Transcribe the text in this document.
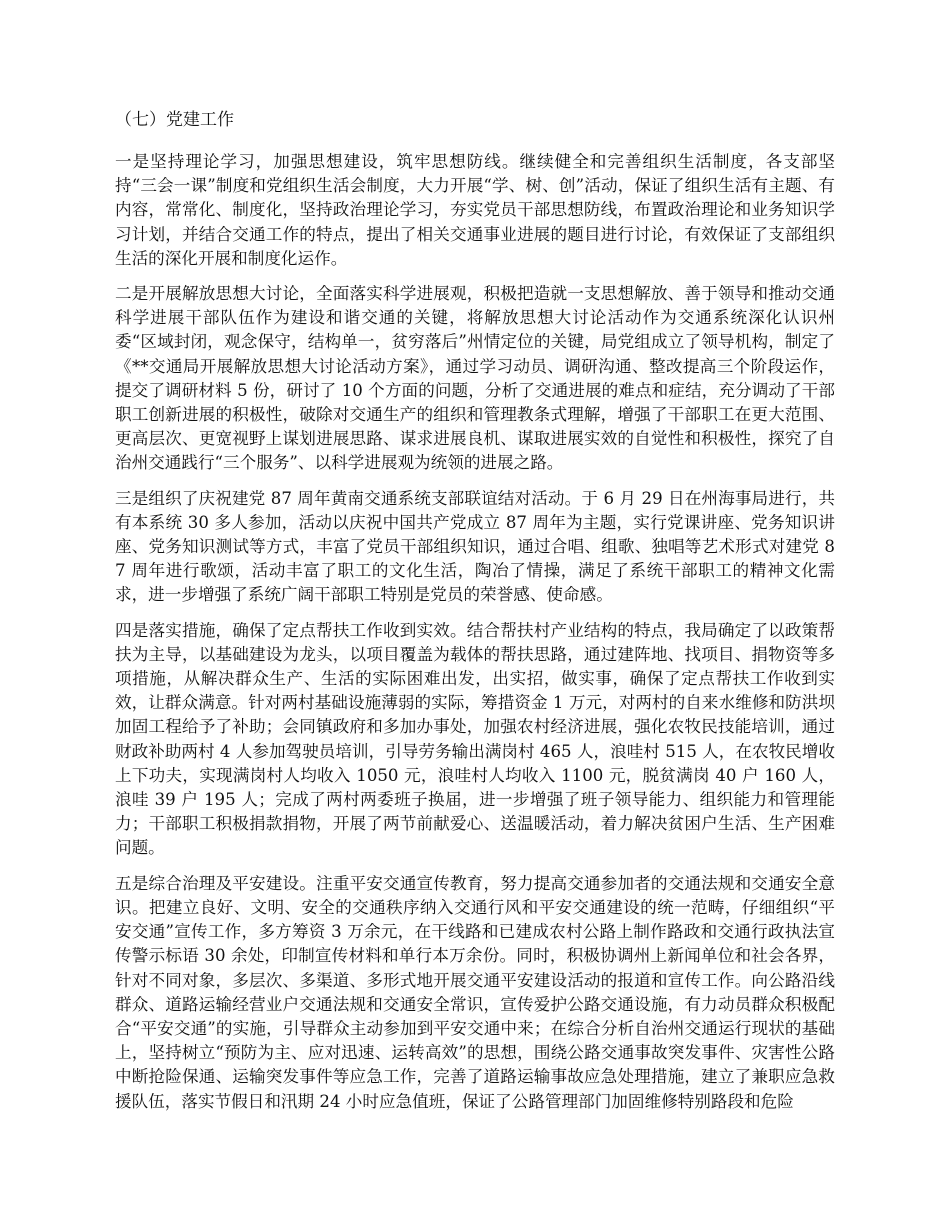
（七）党建工作

一是坚持理论学习，加强思想建设，筑牢思想防线。继续健全和完善组织生活制度，各支部坚持“三会一课”制度和党组织生活会制度，大力开展“学、树、创”活动，保证了组织生活有主题、有内容，常常化、制度化，坚持政治理论学习，夯实党员干部思想防线，布置政治理论和业务知识学习计划，并结合交通工作的特点，提出了相关交通事业进展的题目进行讨论，有效保证了支部组织生活的深化开展和制度化运作。

二是开展解放思想大讨论，全面落实科学进展观，积极把造就一支思想解放、善于领导和推动交通科学进展干部队伍作为建设和谐交通的关键，将解放思想大讨论活动作为交通系统深化认识州委“区域封闭，观念保守，结构单一，贫穷落后”州情定位的关键，局党组成立了领导机构，制定了《**交通局开展解放思想大讨论活动方案》，通过学习动员、调研沟通、整改提高三个阶段运作，提交了调研材料 5 份，研讨了 10 个方面的问题，分析了交通进展的难点和症结，充分调动了干部职工创新进展的积极性，破除对交通生产的组织和管理教条式理解，增强了干部职工在更大范围、更高层次、更宽视野上谋划进展思路、谋求进展良机、谋取进展实效的自觉性和积极性，探究了自治州交通践行“三个服务”、以科学进展观为统领的进展之路。

三是组织了庆祝建党 87 周年黄南交通系统支部联谊结对活动。于 6 月 29 日在州海事局进行，共有本系统 30 多人参加，活动以庆祝中国共产党成立 87 周年为主题，实行党课讲座、党务知识讲座、党务知识测试等方式，丰富了党员干部组织知识，通过合唱、组歌、独唱等艺术形式对建党 87 周年进行歌颂，活动丰富了职工的文化生活，陶冶了情操，满足了系统干部职工的精神文化需求，进一步增强了系统广阔干部职工特别是党员的荣誉感、使命感。

四是落实措施，确保了定点帮扶工作收到实效。结合帮扶村产业结构的特点，我局确定了以政策帮扶为主导，以基础建设为龙头，以项目覆盖为载体的帮扶思路，通过建阵地、找项目、捐物资等多项措施，从解决群众生产、生活的实际困难出发，出实招，做实事，确保了定点帮扶工作收到实效，让群众满意。针对两村基础设施薄弱的实际，筹措资金 1 万元，对两村的自来水维修和防洪坝加固工程给予了补助；会同镇政府和多加办事处，加强农村经济进展，强化农牧民技能培训，通过财政补助两村 4 人参加驾驶员培训，引导劳务输出满岗村 465 人，浪哇村 515 人，在农牧民增收上下功夫，实现满岗村人均收入 1050 元，浪哇村人均收入 1100 元，脱贫满岗 40 户 160 人，浪哇 39 户 195 人；完成了两村两委班子换届，进一步增强了班子领导能力、组织能力和管理能力；干部职工积极捐款捐物，开展了两节前献爱心、送温暖活动，着力解决贫困户生活、生产困难问题。

五是综合治理及平安建设。注重平安交通宣传教育，努力提高交通参加者的交通法规和交通安全意识。把建立良好、文明、安全的交通秩序纳入交通行风和平安交通建设的统一范畴，仔细组织“平安交通”宣传工作，多方筹资 3 万余元，在干线路和已建成农村公路上制作路政和交通行政执法宣传警示标语 30 余处，印制宣传材料和单行本万余份。同时，积极协调州上新闻单位和社会各界，针对不同对象，多层次、多渠道、多形式地开展交通平安建设活动的报道和宣传工作。向公路沿线群众、道路运输经营业户交通法规和交通安全常识，宣传爱护公路交通设施，有力动员群众积极配合“平安交通”的实施，引导群众主动参加到平安交通中来；在综合分析自治州交通运行现状的基础上，坚持树立“预防为主、应对迅速、运转高效”的思想，围绕公路交通事故突发事件、灾害性公路中断抢险保通、运输突发事件等应急工作，完善了道路运输事故应急处理措施，建立了兼职应急救援队伍，落实节假日和汛期 24 小时应急值班，保证了公路管理部门加固维修特别路段和危险
